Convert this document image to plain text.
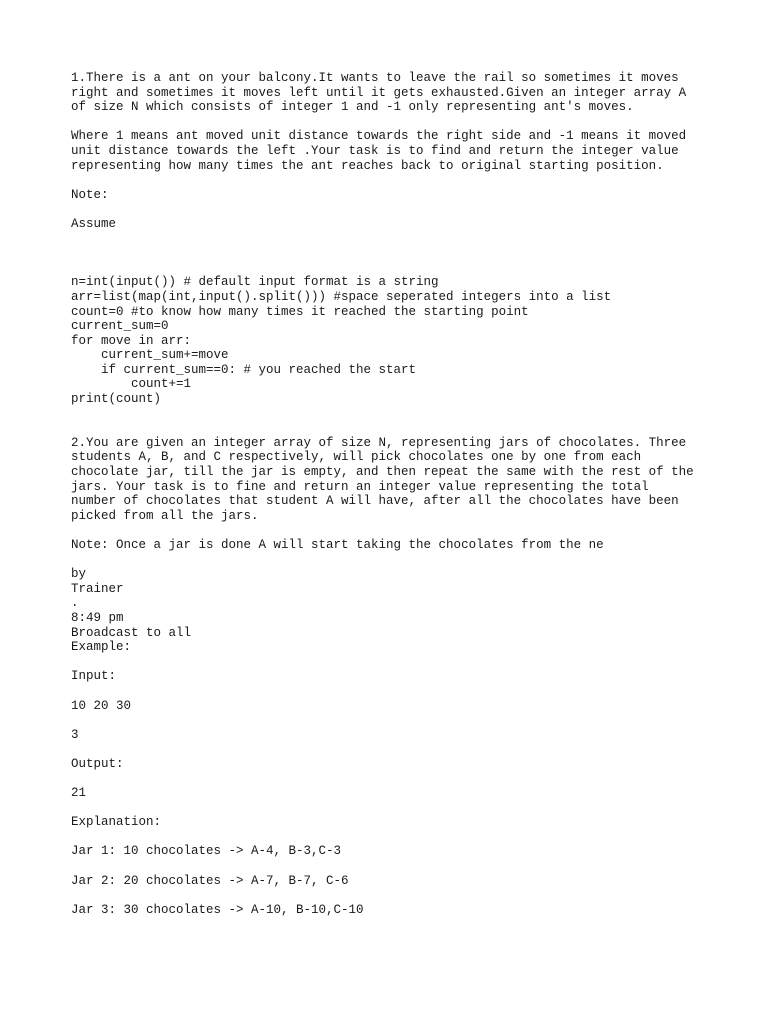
1.There is a ant on your balcony.It wants to leave the rail so sometimes it moves
right and sometimes it moves left until it gets exhausted.Given an integer array A
of size N which consists of integer 1 and -1 only representing ant's moves.
Where 1 means ant moved unit distance towards the right side and -1 means it moved
unit distance towards the left .Your task is to find and return the integer value
representing how many times the ant reaches back to original starting position.
Note:
Assume
n=int(input()) # default input format is a string
arr=list(map(int,input().split())) #space seperated integers into a list
count=0 #to know how many times it reached the starting point
current_sum=0
for move in arr:
current_sum+=move
if current_sum==0: # you reached the start
count+=1
print(count)
2.You are given an integer array of size N, representing jars of chocolates. Three
students A, B, and C respectively, will pick chocolates one by one from each
chocolate jar, till the jar is empty, and then repeat the same with the rest of the
jars. Your task is to fine and return an integer value representing the total
number of chocolates that student A will have, after all the chocolates have been
picked from all the jars.
Note: Once a jar is done A will start taking the chocolates from the ne
by
Trainer
.
8:49 pm
Broadcast to all
Example:
Input:
10 20 30
3
Output:
21
Explanation:
Jar 1: 10 chocolates -> A-4, B-3,C-3
Jar 2: 20 chocolates -> A-7, B-7, C-6
Jar 3: 30 chocolates -> A-10, B-10,C-10
